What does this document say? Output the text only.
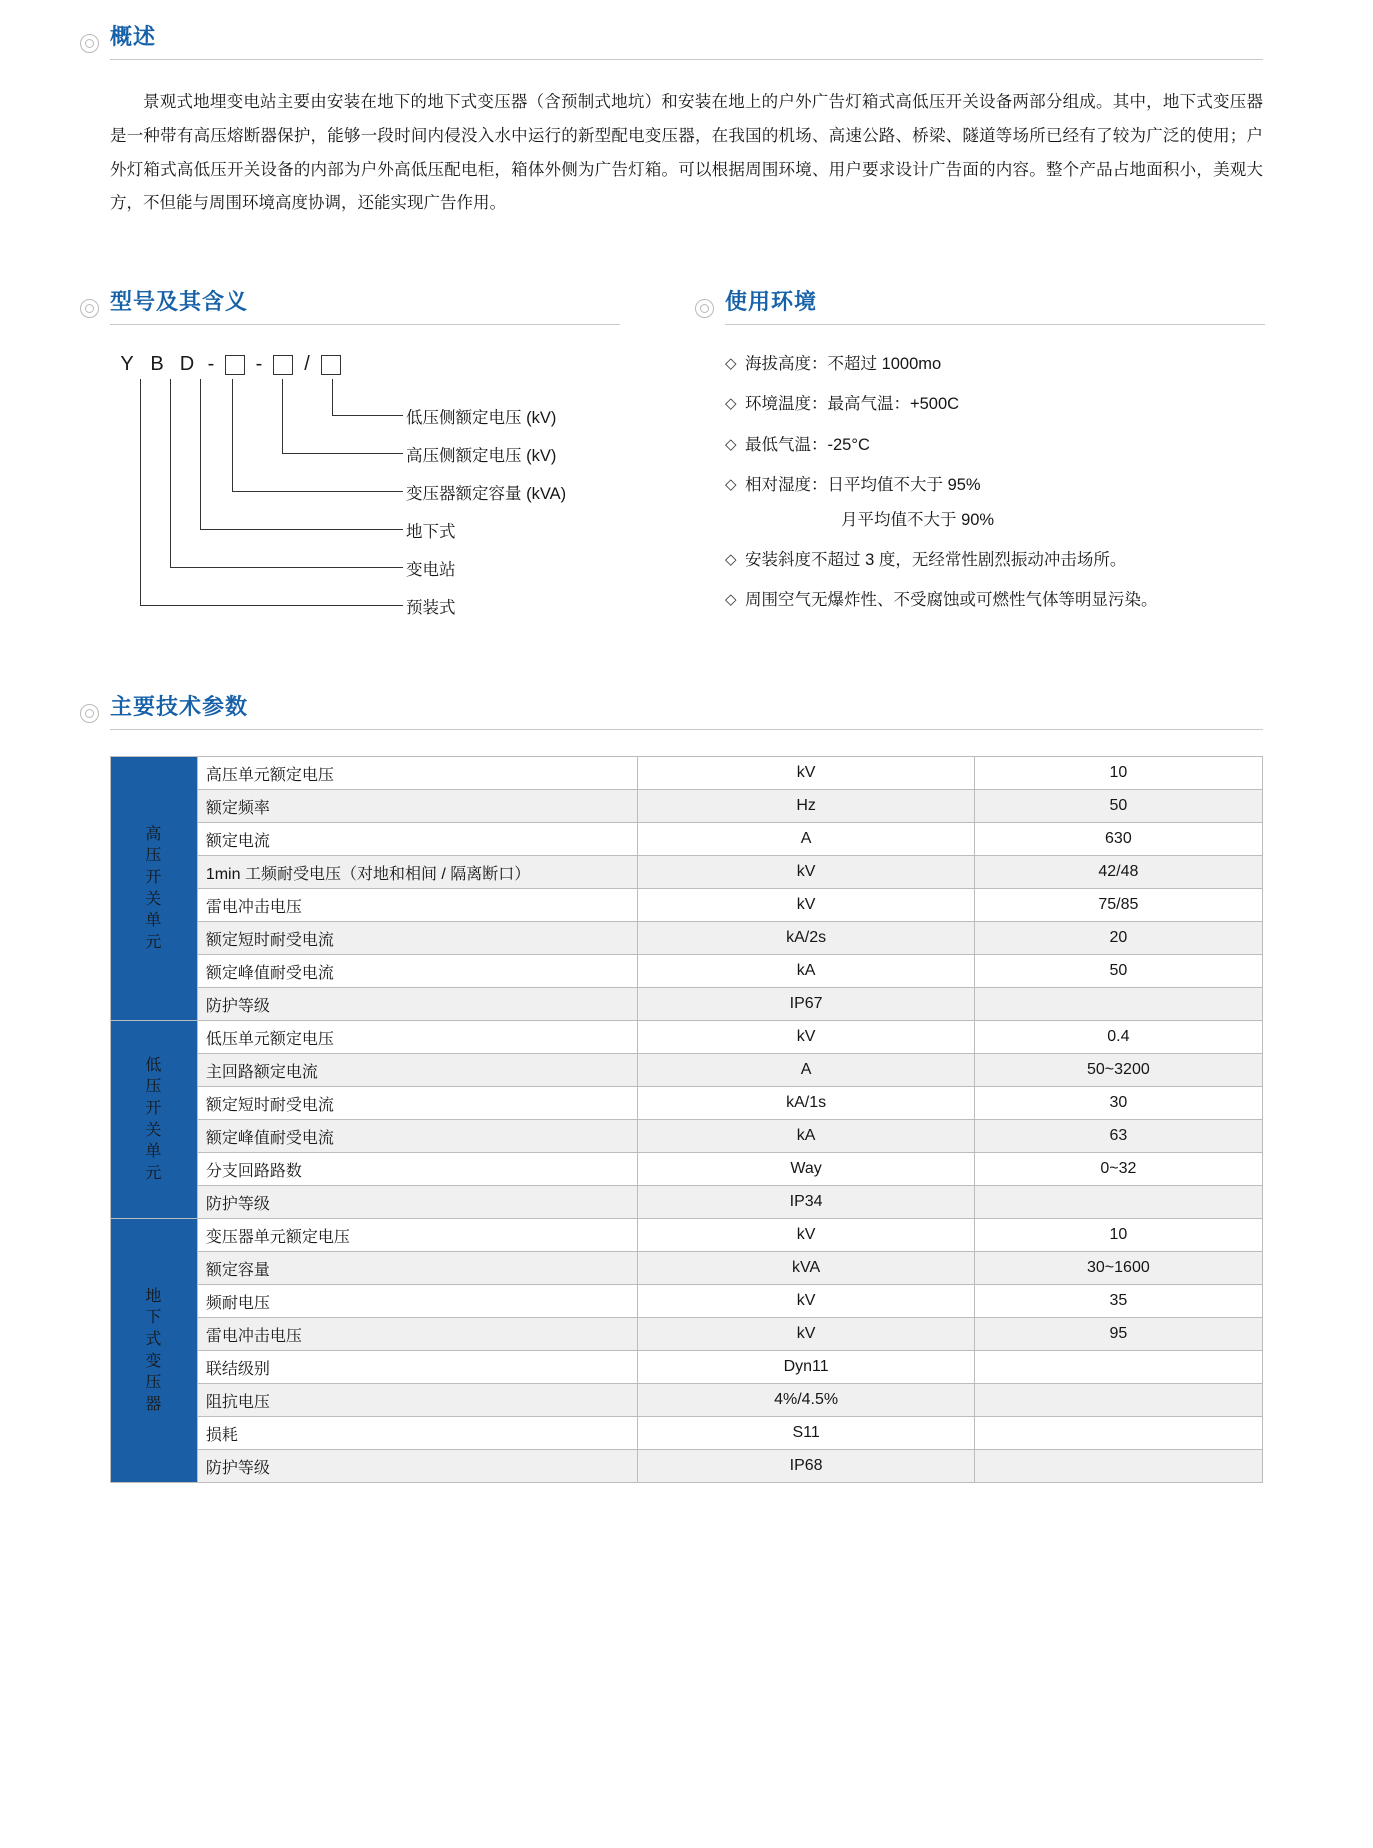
概述

景观式地埋变电站主要由安装在地下的地下式变压器（含预制式地坑）和安装在地上的户外广告灯箱式高低压开关设备两部分组成。其中，地下式变压器是一种带有高压熔断器保护，能够一段时间内侵没入水中运行的新型配电变压器，在我国的机场、高速公路、桥梁、隧道等场所已经有了较为广泛的使用；户外灯箱式高低压开关设备的内部为户外高低压配电柜，箱体外侧为广告灯箱。可以根据周围环境、用户要求设计广告面的内容。整个产品占地面积小，美观大方，不但能与周围环境高度协调，还能实现广告作用。

型号及其含义
Y B D - -	/
低压侧额定电压 (kV)
高压侧额定电压 (kV)
变压器额定容量 (kVA)
地下式
变电站
预装式
使用环境
◇ 海拔高度：不超过 1000mo
◇ 环境温度：最高气温：+500C
◇ 最低气温：-25°C
◇ 相对湿度：日平均值不大于 95%
月平均值不大于 90%
◇ 安装斜度不超过 3 度，无经常性剧烈振动冲击场所。
◇ 周围空气无爆炸性、不受腐蚀或可燃性气体等明显污染。
主要技术参数
高压开关单元	高压单元额定电压	kV	10
	额定频率	Hz	50
	额定电流	A	630
	1min 工频耐受电压（对地和相间 / 隔离断口）	kV	42/48
	雷电冲击电压	kV	75/85
	额定短时耐受电流	kA/2s	20
	额定峰值耐受电流	kA	50
	防护等级	IP67	

低压开关单元	低压单元额定电压	kV	0.4
	主回路额定电流	A	50~3200
	额定短时耐受电流	kA/1s	30
	额定峰值耐受电流	kA	63
	分支回路路数	Way	0~32
	防护等级	IP34	

地下式变压器	变压器单元额定电压	kV	10
	额定容量	kVA	30~1600
	频耐电压	kV	35
	雷电冲击电压	kV	95
	联结级别	Dyn11	
	阻抗电压	4%/4.5%	
	损耗	S11	
	防护等级	IP68	
